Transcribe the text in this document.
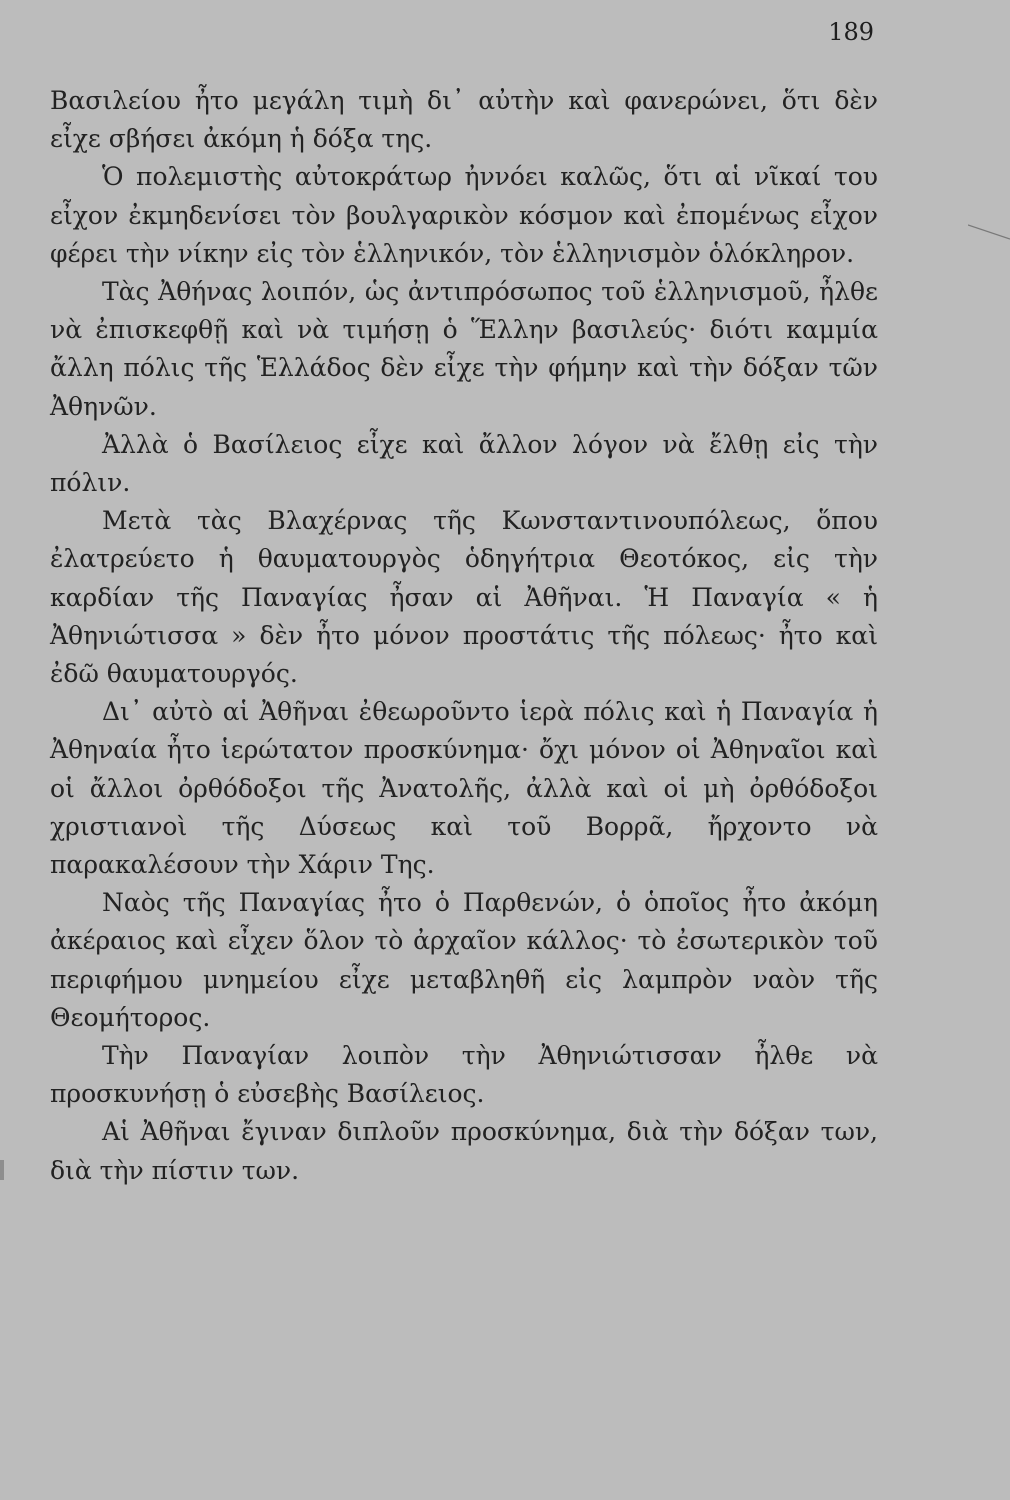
189

Βασιλείου ἦτο μεγάλη τιμὴ δι᾽ αὐτὴν καὶ φανερώνει, ὅτι δὲν εἶχε σβήσει ἀκόμη ἡ δόξα της.

Ὁ πολεμιστὴς αὐτοκράτωρ ἠννόει καλῶς, ὅτι αἱ νῖκαί του εἶχον ἐκμηδενίσει τὸν βουλγαρικὸν κόσμον καὶ ἐπομένως εἶχον φέρει τὴν νίκην εἰς τὸν ἑλληνικόν, τὸν ἑλληνισμὸν ὁλόκληρον.

Τὰς Ἀθήνας λοιπόν, ὡς ἀντιπρόσωπος τοῦ ἑλληνισμοῦ, ἦλθε νὰ ἐπισκεφθῇ καὶ νὰ τιμήσῃ ὁ Ἕλλην βασιλεύς· διότι καμμία ἄλλη πόλις τῆς Ἑλλάδος δὲν εἶχε τὴν φήμην καὶ τὴν δόξαν τῶν Ἀθηνῶν.

Ἀλλὰ ὁ Βασίλειος εἶχε καὶ ἄλλον λόγον νὰ ἔλθῃ εἰς τὴν πόλιν.

Μετὰ τὰς Βλαχέρνας τῆς Κωνσταντινουπόλεως, ὅπου ἐλατρεύετο ἡ θαυματουργὸς ὁδηγήτρια Θεοτόκος, εἰς τὴν καρδίαν τῆς Παναγίας ἦσαν αἱ Ἀθῆναι. Ἡ Παναγία « ἡ Ἀθηνιώτισσα » δὲν ἦτο μόνον προστάτις τῆς πόλεως· ἦτο καὶ ἐδῶ θαυματουργός.

Δι᾽ αὐτὸ αἱ Ἀθῆναι ἐθεωροῦντο ἱερὰ πόλις καὶ ἡ Παναγία ἡ Ἀθηναία ἦτο ἱερώτατον προσκύνημα· ὄχι μόνον οἱ Ἀθηναῖοι καὶ οἱ ἄλλοι ὀρθόδοξοι τῆς Ἀνατολῆς, ἀλλὰ καὶ οἱ μὴ ὀρθόδοξοι χριστιανοὶ τῆς Δύσεως καὶ τοῦ Βορρᾶ, ἤρχοντο νὰ παρακαλέσουν τὴν Χάριν Της.

Ναὸς τῆς Παναγίας ἦτο ὁ Παρθενών, ὁ ὁποῖος ἦτο ἀκόμη ἀκέραιος καὶ εἶχεν ὅλον τὸ ἀρχαῖον κάλλος· τὸ ἐσωτερικὸν τοῦ περιφήμου μνημείου εἶχε μεταβληθῆ εἰς λαμπρὸν ναὸν τῆς Θεομήτορος.

Τὴν Παναγίαν λοιπὸν τὴν Ἀθηνιώτισσαν ἦλθε νὰ προσκυνήσῃ ὁ εὐσεβὴς Βασίλειος.

Αἱ Ἀθῆναι ἔγιναν διπλοῦν προσκύνημα, διὰ τὴν δόξαν των, διὰ τὴν πίστιν των.
